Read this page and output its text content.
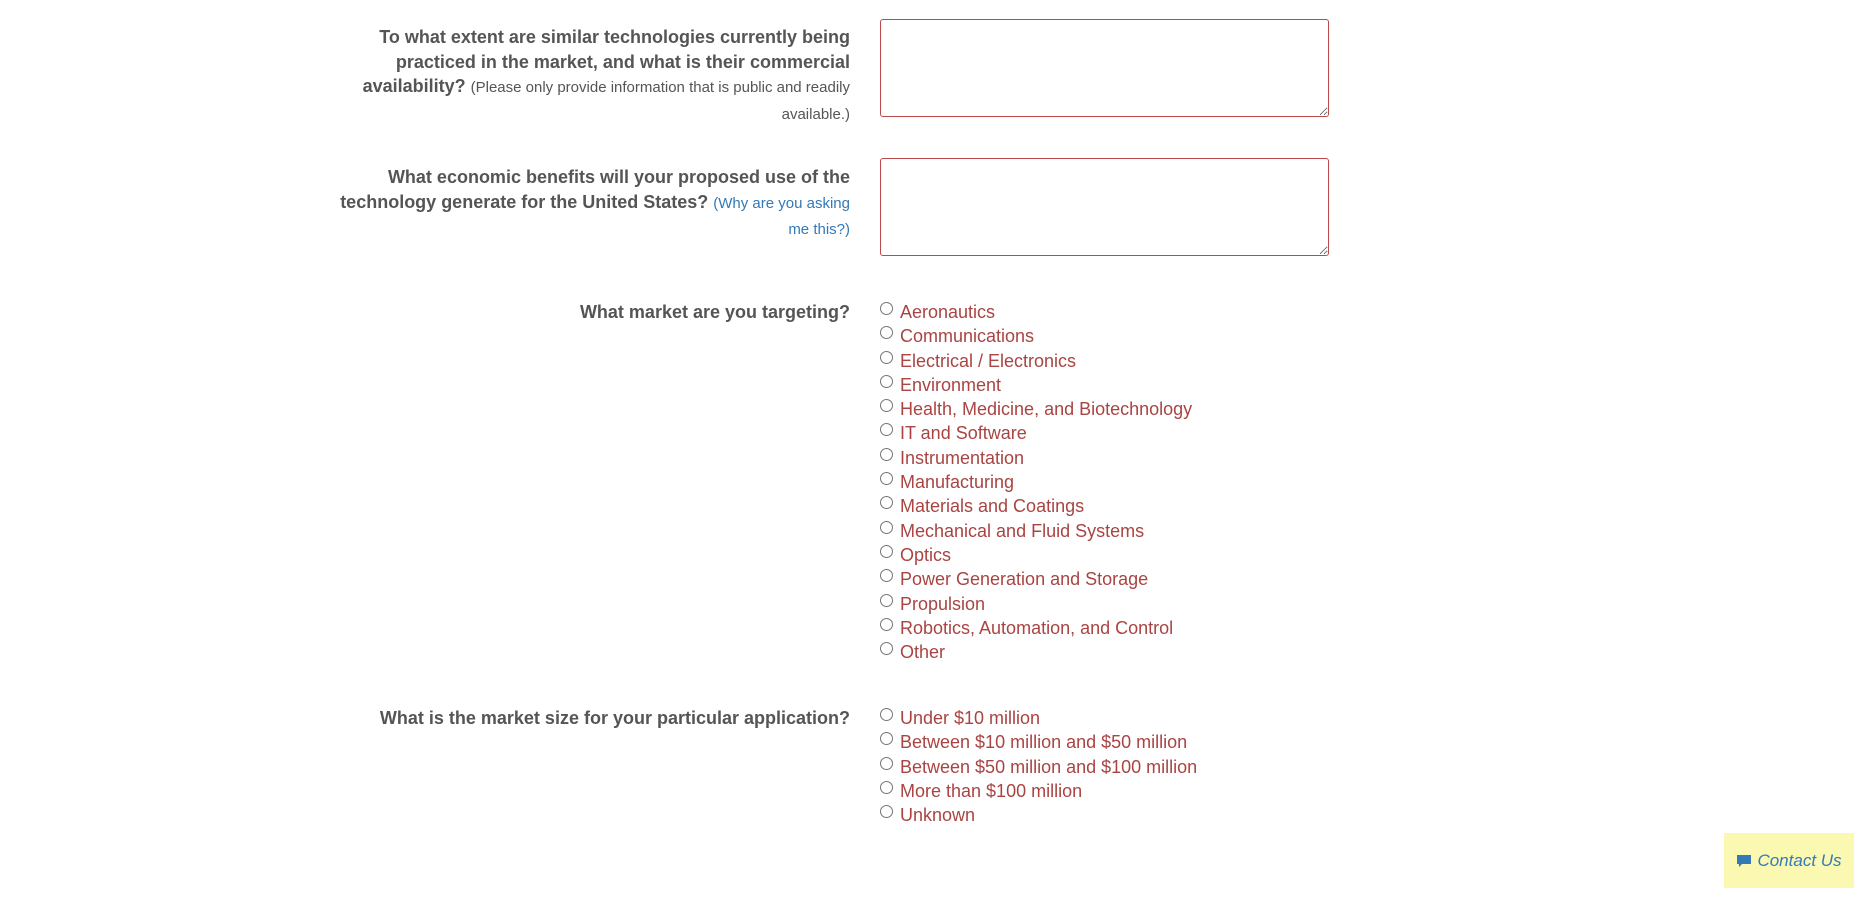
To what extent are similar technologies currently being practiced in the market, and what is their commercial availability? (Please only provide information that is public and readily available.)
What economic benefits will your proposed use of the technology generate for the United States? (Why are you asking me this?)
What market are you targeting?	Aeronautics
Communications
Electrical / Electronics
Environment
Health, Medicine, and Biotechnology
IT and Software
Instrumentation
Manufacturing
Materials and Coatings
Mechanical and Fluid Systems
Optics
Power Generation and Storage
Propulsion
Robotics, Automation, and Control
Other
What is the market size for your particular application?	Under $10 million
Between $10 million and $50 million
Between $50 million and $100 million
More than $100 million
Unknown
Contact Us
